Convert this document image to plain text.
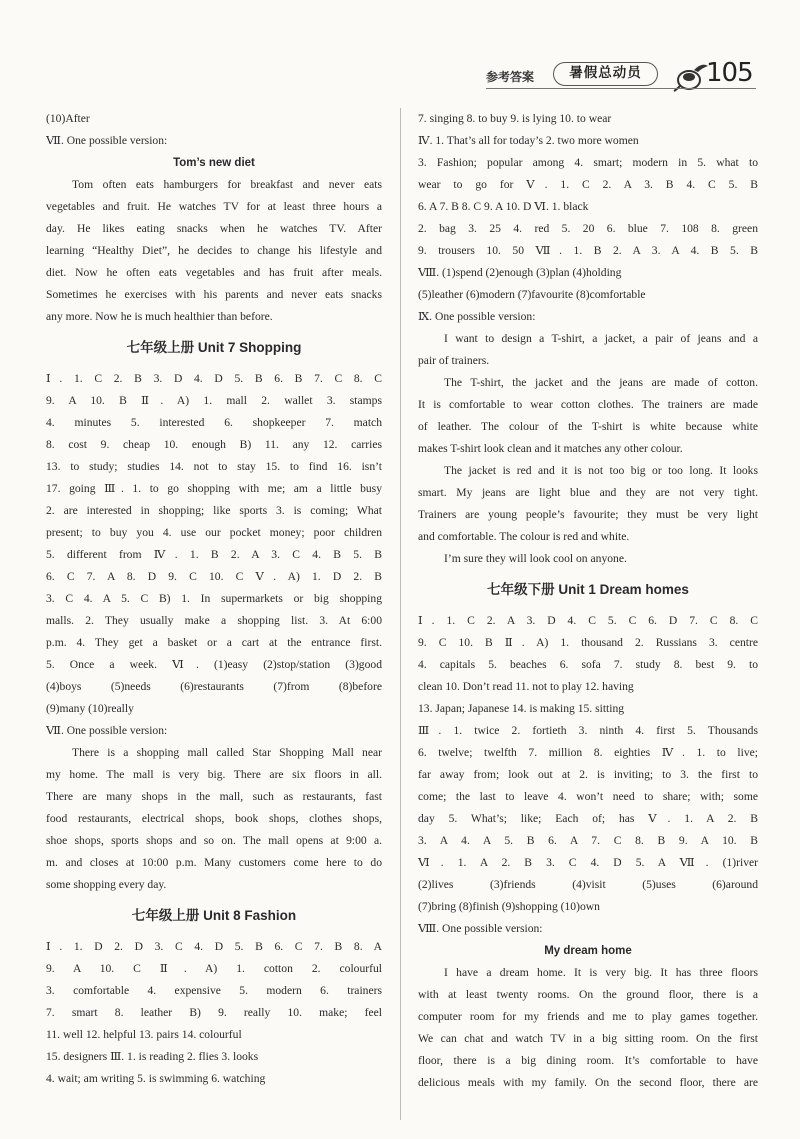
参考答案	暑假总动员	105
(10)After
Ⅶ. One possible version:
Tom’s new diet
Tom often eats hamburgers for breakfast and never eats
vegetables and fruit. He watches TV for at least three hours a
day. He likes eating snacks when he watches TV. After
learning “Healthy Diet”, he decides to change his lifestyle and
diet. Now he often eats vegetables and has fruit after meals.
Sometimes he exercises with his parents and never eats snacks
any more. Now he is much healthier than before.
七年级上册 Unit 7 Shopping
Ⅰ. 1. C 2. B 3. D 4. D 5. B 6. B 7. C 8. C
9. A 10. B Ⅱ. A) 1. mall 2. wallet 3. stamps
4. minutes 5. interested 6. shopkeeper 7. match
8. cost 9. cheap 10. enough B) 11. any 12. carries
13. to study; studies 14. not to stay 15. to find 16. isn’t
17. going Ⅲ. 1. to go shopping with me; am a little busy
2. are interested in shopping; like sports 3. is coming; What
present; to buy you 4. use our pocket money; poor children
5. different from Ⅳ. 1. B 2. A 3. C 4. B 5. B
6. C 7. A 8. D 9. C 10. C Ⅴ. A) 1. D 2. B
3. C 4. A 5. C B) 1. In supermarkets or big shopping
malls. 2. They usually make a shopping list. 3. At 6:00
p.m. 4. They get a basket or a cart at the entrance first.
5. Once a week. Ⅵ. (1)easy (2)stop/station (3)good
(4)boys (5)needs (6)restaurants (7)from (8)before
(9)many (10)really
Ⅶ. One possible version:
There is a shopping mall called Star Shopping Mall near
my home. The mall is very big. There are six floors in all.
There are many shops in the mall, such as restaurants, fast
food restaurants, electrical shops, book shops, clothes shops,
shoe shops, sports shops and so on. The mall opens at 9:00 a.
m. and closes at 10:00 p.m. Many customers come here to do
some shopping every day.
七年级上册 Unit 8 Fashion
Ⅰ. 1. D 2. D 3. C 4. D 5. B 6. C 7. B 8. A
9. A 10. C Ⅱ. A) 1. cotton 2. colourful
3. comfortable 4. expensive 5. modern 6. trainers
7. smart 8. leather B) 9. really 10. make; feel
11. well 12. helpful 13. pairs 14. colourful
15. designers Ⅲ. 1. is reading 2. flies 3. looks
4. wait; am writing 5. is swimming 6. watching
7. singing 8. to buy 9. is lying 10. to wear
Ⅳ. 1. That’s all for today’s 2. two more women
3. Fashion; popular among 4. smart; modern in 5. what to
wear to go for Ⅴ. 1. C 2. A 3. B 4. C 5. B
6. A 7. B 8. C 9. A 10. D Ⅵ. 1. black
2. bag 3. 25 4. red 5. 20 6. blue 7. 108 8. green
9. trousers 10. 50 Ⅶ. 1. B 2. A 3. A 4. B 5. B
Ⅷ. (1)spend (2)enough (3)plan (4)holding
(5)leather (6)modern (7)favourite (8)comfortable
Ⅸ. One possible version:
I want to design a T-shirt, a jacket, a pair of jeans and a
pair of trainers.
The T-shirt, the jacket and the jeans are made of cotton.
It is comfortable to wear cotton clothes. The trainers are made
of leather. The colour of the T-shirt is white because white
makes T-shirt look clean and it matches any other colour.
The jacket is red and it is not too big or too long. It looks
smart. My jeans are light blue and they are not very tight.
Trainers are young people’s favourite; they must be very light
and comfortable. The colour is red and white.
I’m sure they will look cool on anyone.
七年级下册 Unit 1 Dream homes
Ⅰ. 1. C 2. A 3. D 4. C 5. C 6. D 7. C 8. C
9. C 10. B Ⅱ. A) 1. thousand 2. Russians 3. centre
4. capitals 5. beaches 6. sofa 7. study 8. best 9. to
clean 10. Don’t read 11. not to play 12. having
13. Japan; Japanese 14. is making 15. sitting
Ⅲ. 1. twice 2. fortieth 3. ninth 4. first 5. Thousands
6. twelve; twelfth 7. million 8. eighties Ⅳ. 1. to live;
far away from; look out at 2. is inviting; to 3. the first to
come; the last to leave 4. won’t need to share; with; some
day 5. What’s; like; Each of; has Ⅴ. 1. A 2. B
3. A 4. A 5. B 6. A 7. C 8. B 9. A 10. B
Ⅵ. 1. A 2. B 3. C 4. D 5. A Ⅶ. (1)river
(2)lives (3)friends (4)visit (5)uses (6)around
(7)bring (8)finish (9)shopping (10)own
Ⅷ. One possible version:
My dream home
I have a dream home. It is very big. It has three floors
with at least twenty rooms. On the ground floor, there is a
computer room for my friends and me to play games together.
We can chat and watch TV in a big sitting room. On the first
floor, there is a big dining room. It’s comfortable to have
delicious meals with my family. On the second floor, there are
